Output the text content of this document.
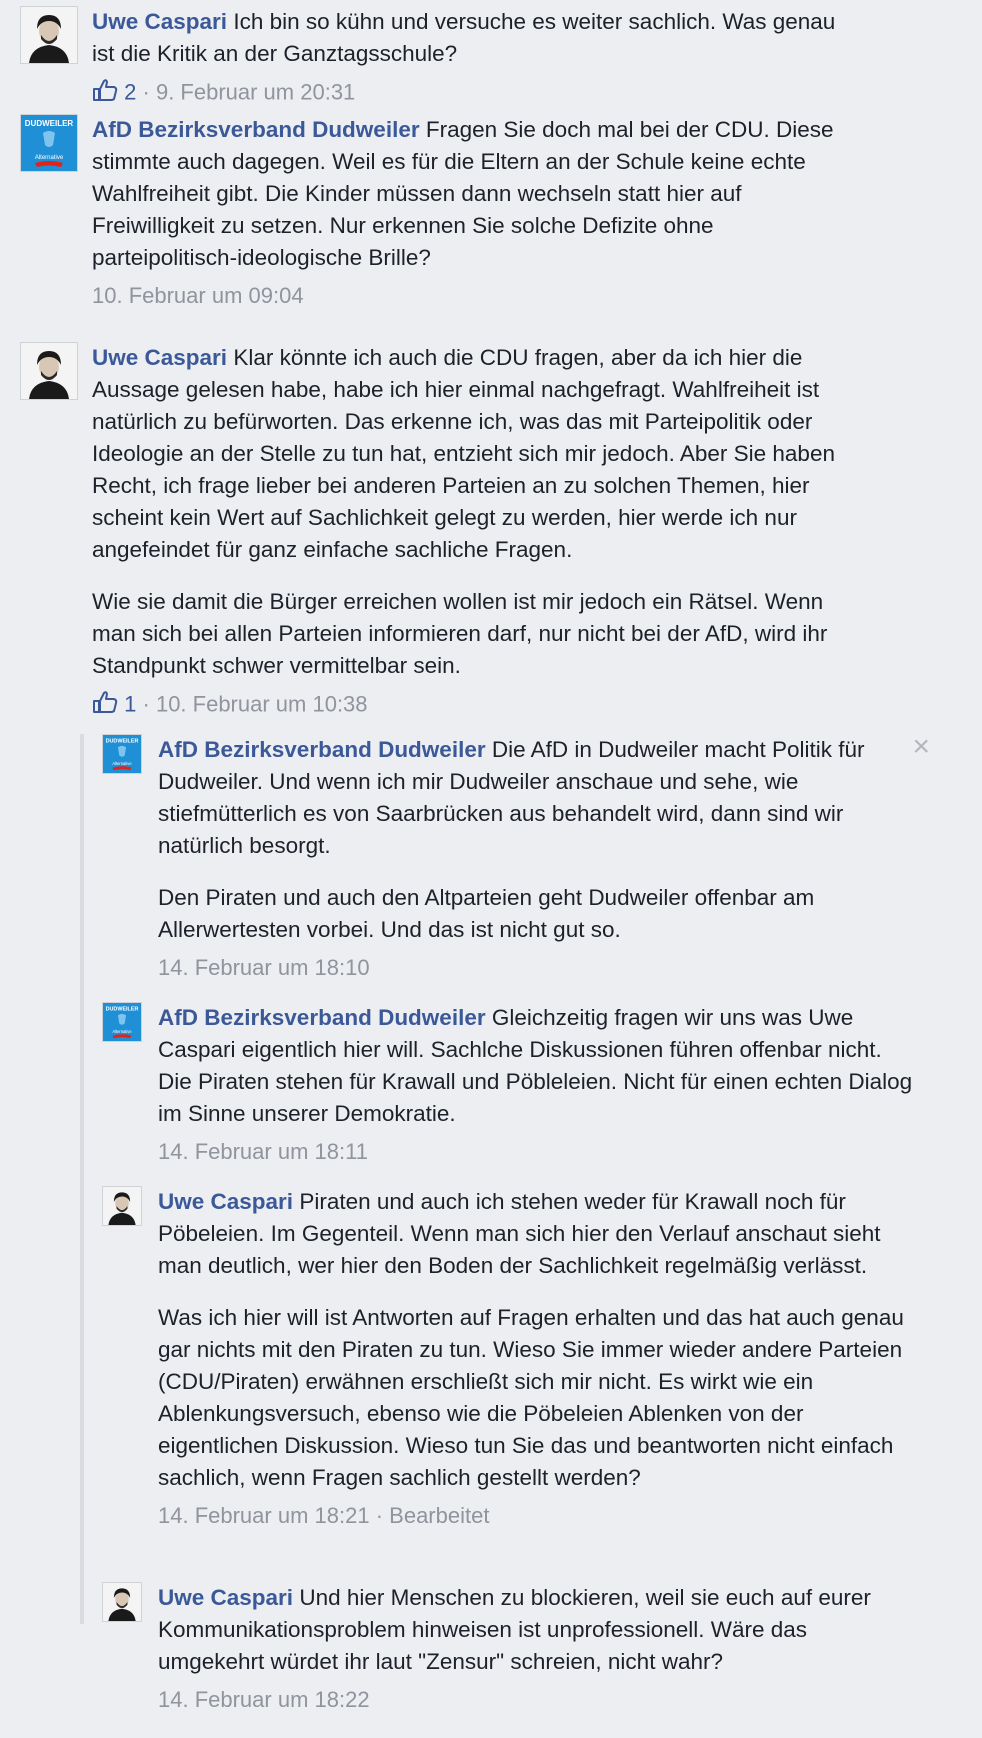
Uwe Caspari Ich bin so kühn und versuche es weiter sachlich. Was genau ist die Kritik an der Ganztagsschule?
2 · 9. Februar um 20:31
DUDWEILER
Alternative
AfD Bezirksverband Dudweiler Fragen Sie doch mal bei der CDU. Diese stimmte auch dagegen. Weil es für die Eltern an der Schule keine echte Wahlfreiheit gibt. Die Kinder müssen dann wechseln statt hier auf Freiwilligkeit zu setzen. Nur erkennen Sie solche Defizite ohne parteipolitisch-ideologische Brille?
10. Februar um 09:04
Uwe Caspari Klar könnte ich auch die CDU fragen, aber da ich hier die Aussage gelesen habe, habe ich hier einmal nachgefragt. Wahlfreiheit ist natürlich zu befürworten. Das erkenne ich, was das mit Parteipolitik oder Ideologie an der Stelle zu tun hat, entzieht sich mir jedoch. Aber Sie haben Recht, ich frage lieber bei anderen Parteien an zu solchen Themen, hier scheint kein Wert auf Sachlichkeit gelegt zu werden, hier werde ich nur angefeindet für ganz einfache sachliche Fragen.
Wie sie damit die Bürger erreichen wollen ist mir jedoch ein Rätsel. Wenn man sich bei allen Parteien informieren darf, nur nicht bei der AfD, wird ihr Standpunkt schwer vermittelbar sein.
1 · 10. Februar um 10:38
×
DUDWEILER
Alternative
AfD Bezirksverband Dudweiler Die AfD in Dudweiler macht Politik für Dudweiler. Und wenn ich mir Dudweiler anschaue und sehe, wie stiefmütterlich es von Saarbrücken aus behandelt wird, dann sind wir natürlich besorgt.
Den Piraten und auch den Altparteien geht Dudweiler offenbar am Allerwertesten vorbei. Und das ist nicht gut so.
14. Februar um 18:10
DUDWEILER
Alternative
AfD Bezirksverband Dudweiler Gleichzeitig fragen wir uns was Uwe Caspari eigentlich hier will. Sachlche Diskussionen führen offenbar nicht. Die Piraten stehen für Krawall und Pöbleleien. Nicht für einen echten Dialog im Sinne unserer Demokratie.
14. Februar um 18:11
Uwe Caspari Piraten und auch ich stehen weder für Krawall noch für Pöbeleien. Im Gegenteil. Wenn man sich hier den Verlauf anschaut sieht man deutlich, wer hier den Boden der Sachlichkeit regelmäßig verlässt.
Was ich hier will ist Antworten auf Fragen erhalten und das hat auch genau gar nichts mit den Piraten zu tun. Wieso Sie immer wieder andere Parteien (CDU/Piraten) erwähnen erschließt sich mir nicht. Es wirkt wie ein Ablenkungsversuch, ebenso wie die Pöbeleien Ablenken von der eigentlichen Diskussion. Wieso tun Sie das und beantworten nicht einfach sachlich, wenn Fragen sachlich gestellt werden?
14. Februar um 18:21 · Bearbeitet
Uwe Caspari Und hier Menschen zu blockieren, weil sie euch auf eurer Kommunikationsproblem hinweisen ist unprofessionell. Wäre das umgekehrt würdet ihr laut "Zensur" schreien, nicht wahr?
14. Februar um 18:22
